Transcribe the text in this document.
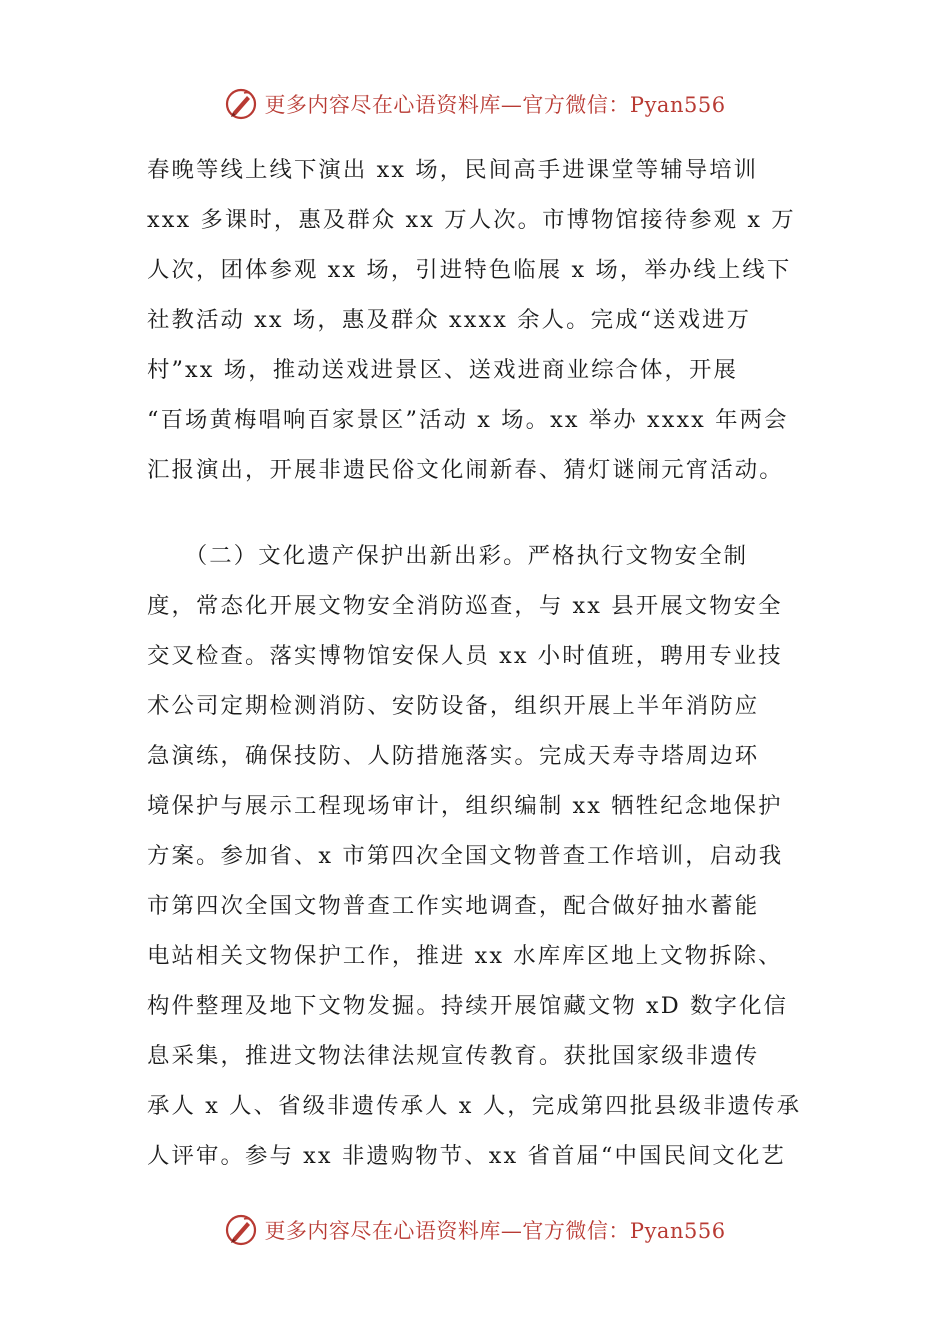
更多内容尽在心语资料库—官方微信：Pyan556
春晚等线上线下演出 xx 场，民间高手进课堂等辅导培训
xxx 多课时，惠及群众 xx 万人次。市博物馆接待参观 x 万
人次，团体参观 xx 场，引进特色临展 x 场，举办线上线下
社教活动 xx 场，惠及群众 xxxx 余人。完成“送戏进万
村”xx 场，推动送戏进景区、送戏进商业综合体，开展
“百场黄梅唱响百家景区”活动 x 场。xx 举办 xxxx 年两会
汇报演出，开展非遗民俗文化闹新春、猜灯谜闹元宵活动。
　　（二）文化遗产保护出新出彩。严格执行文物安全制
度，常态化开展文物安全消防巡查，与 xx 县开展文物安全
交叉检查。落实博物馆安保人员 xx 小时值班，聘用专业技
术公司定期检测消防、安防设备，组织开展上半年消防应
急演练，确保技防、人防措施落实。完成天寿寺塔周边环
境保护与展示工程现场审计，组织编制 xx 牺牲纪念地保护
方案。参加省、x 市第四次全国文物普查工作培训，启动我
市第四次全国文物普查工作实地调查，配合做好抽水蓄能
电站相关文物保护工作，推进 xx 水库库区地上文物拆除、
构件整理及地下文物发掘。持续开展馆藏文物 xD 数字化信
息采集，推进文物法律法规宣传教育。获批国家级非遗传
承人 x 人、省级非遗传承人 x 人，完成第四批县级非遗传承
人评审。参与 xx 非遗购物节、xx 省首届“中国民间文化艺
更多内容尽在心语资料库—官方微信：Pyan556
